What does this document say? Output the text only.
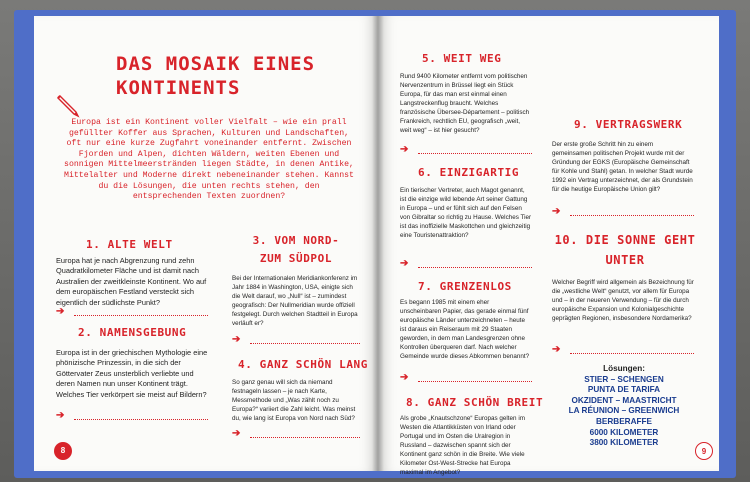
DAS MOSAIK EINES
KONTINENTS
Europa ist ein Kontinent voller Vielfalt – wie ein prall gefüllter Koffer aus Sprachen, Kulturen und Landschaften, oft nur eine kurze Zugfahrt voneinander entfernt. Zwischen Fjorden und Alpen, dichten Wäldern, weiten Ebenen und sonnigen Mittelmeerstränden liegen Städte, in denen Antike, Mittelalter und Moderne direkt nebeneinander stehen. Kannst du die Lösungen, die unten rechts stehen, den entsprechenden Texten zuordnen?
1. ALTE WELT
Europa hat je nach Abgrenzung rund zehn Quadratkilometer Fläche und ist damit nach Australien der zweitkleinste Kontinent. Wo auf dem europäischen Festland versteckt sich eigentlich der südlichste Punkt?
➔
2. NAMENSGEBUNG
Europa ist in der griechischen Mythologie eine phönizische Prinzessin, in die sich der Göttervater Zeus unsterblich verliebte und deren Namen nun unser Kontinent trägt. Welches Tier verkörpert sie meist auf Bildern?
➔
3. VOM NORD-
ZUM SÜDPOL
Bei der Internationalen Meridiankonferenz im Jahr 1884 in Washington, USA, einigte sich die Welt darauf, wo „Null“ ist – zumindest geografisch: Der Nullmeridian wurde offiziell festgelegt. Durch welchen Stadtteil in Europa verläuft er?
➔
4. GANZ SCHÖN LANG
So ganz genau will sich da niemand festnageln lassen – je nach Karte, Messmethode und „Was zählt noch zu Europa?“ variiert die Zahl leicht. Was meinst du, wie lang ist Europa von Nord nach Süd?
➔
8
5. WEIT WEG
Rund 9400 Kilometer entfernt vom politischen Nervenzentrum in Brüssel liegt ein Stück Europa, für das man erst einmal einen Langstreckenflug braucht. Welches französische Übersee-Département – politisch Frankreich, rechtlich EU, geografisch „weit, weit weg“ – ist hier gesucht?
➔
6. EINZIGARTIG
Ein tierischer Vertreter, auch Magot genannt, ist die einzige wild lebende Art seiner Gattung in Europa – und er fühlt sich auf den Felsen von Gibraltar so richtig zu Hause. Welches Tier ist das inoffizielle Maskottchen und gleichzeitig eine Touristenattraktion?
➔
7. GRENZENLOS
Es begann 1985 mit einem eher unscheinbaren Papier, das gerade einmal fünf europäische Länder unterzeichneten – heute ist daraus ein Reiseraum mit 29 Staaten geworden, in dem man Landesgrenzen ohne Kontrollen überqueren darf. Nach welcher Gemeinde wurde dieses Abkommen benannt?
➔
8. GANZ SCHÖN BREIT
Als grobe „Knautschzone“ Europas gelten im Westen die Atlantikküsten von Irland oder Portugal und im Osten die Uralregion in Russland – dazwischen spannt sich der Kontinent ganz schön in die Breite. Wie viele Kilometer Ost-West-Strecke hat Europa maximal im Angebot?
9. VERTRAGSWERK
Der erste große Schritt hin zu einem gemeinsamen politischen Projekt wurde mit der Gründung der EGKS (Europäische Gemeinschaft für Kohle und Stahl) getan. In welcher Stadt wurde 1992 ein Vertrag unterzeichnet, der als Grundstein für die heutige Europäische Union gilt?
➔
10. DIE SONNE GEHT
UNTER
Welcher Begriff wird allgemein als Bezeichnung für die „westliche Welt“ genutzt, vor allem für Europa und – in der neueren Verwendung – für die durch europäische Expansion und Kolonialgeschichte geprägten Regionen, insbesondere Nordamerika?
➔
Lösungen:
STIER – SCHENGEN
PUNTA DE TARIFA
OKZIDENT – MAASTRICHT
LA RÉUNION – GREENWICH
BERBERAFFE
6000 KILOMETER
3800 KILOMETER
9
